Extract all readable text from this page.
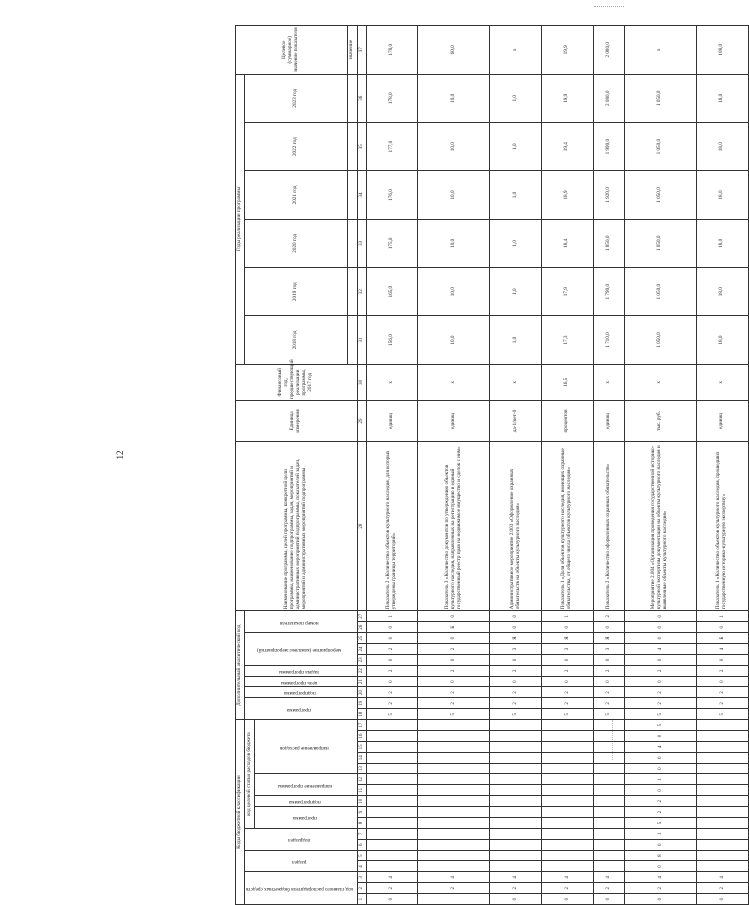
12
Коды бюджетной классификации																	Дополнительный аналитический код										Наименование программы, целей программы, конкретной цели программы, наименование подпрограммы, задач, мероприятий и административных мероприятий подпрограммы, показателей задач, мероприятий и административных мероприятий подпрограммы	Единица измерения	Финансовый год, предшествующий реализации программы, 2017 год	Годы реализации программы						Целевое (суммарное) значение показателя
код главного распорядителя бюджетных средств			раздел		подраздел		код целевой статьи расходов бюджета										программа		подпрограмма	цель программы	задача программы	мероприятие (комплекс мероприятий)			номер показателя					2018 год	2019 год	2020 год	2021 год	2022 год	2023 год	
							программа		подпрограмма	направление программы		направление расходов																								
																																				значение
1	2	3	4	5	6	7	8	9	10	11	12	13	14	15	16	17	18	19	20	21	22	23	24	25	26	27	28	29	30	31	32	33	34	35	36	37
0	2	4															5	2	2	0	2	0	2	0	0	1	Показатель 2 «Количество объектов культурного наследия, для которых утверждены границы территорий»	единиц	x	156,0	165,0	175,0	176,0	177,0	178,0	178,0
	2	4															5	2	2	0	2	0	2	0	Б	0	Показатель 3 «Количество документов по утверждению объектов культурного наследия, направленных на регистрацию в единый государственный реестр прав на недвижимое имущество и сделок с ним»	единиц	x	10,0	10,0	10,0	10,0	10,0	10,0	60,0
0	2	4															5	2	2	0	2	0	3	Я	0	0	Административное мероприятие 2.003 «Оформление охранных обязательств на объекты культурного наследия»	да-1/нет-0	x	1,0	1,0	1,0	1,0	1,0	1,0	x
0	2	4															5	2	2	0	2	0	3	Я	0	1	Показатель 1 «Доля объектов культурного наследия, имеющих охранные обязательства, от общего числа объектов культурного наследия»	процентов	16,5	17,3	17,9	18,4	18,9	19,4	19,9	19,9
0	2	4															5	2	2	0	2	0	3	Я	0	2	Показатель 2 «Количество оформленных охранных обязательств»	единиц	x	1 710,0	1 790,0	1 850,0	1 920,0	1 990,0	2 080,0	2 080,0
0	2	4	0	8	0	1	5	2	2	0	1	0	0	4	0	5	5	2	2	0	2	0	4	0	0	0	Мероприятие 2.004 «Организация проведения государственной историко-культурной экспертизы документации на объекты культурного наследия и выявленные объекты культурного наследия»	тыс. руб.	x	1 050,0	1 050,0	1 050,0	1 050,0	1 050,0	1 050,0	x
0	2	4															5	2	2	0	2	0	4	Б	0	1	Показатель 1 «Количество объектов культурного наследия, прошедших государственную историко-культурную экспертизу»	единиц	x	18,0	18,0	18,0	18,0	18,0	18,0	108,0
